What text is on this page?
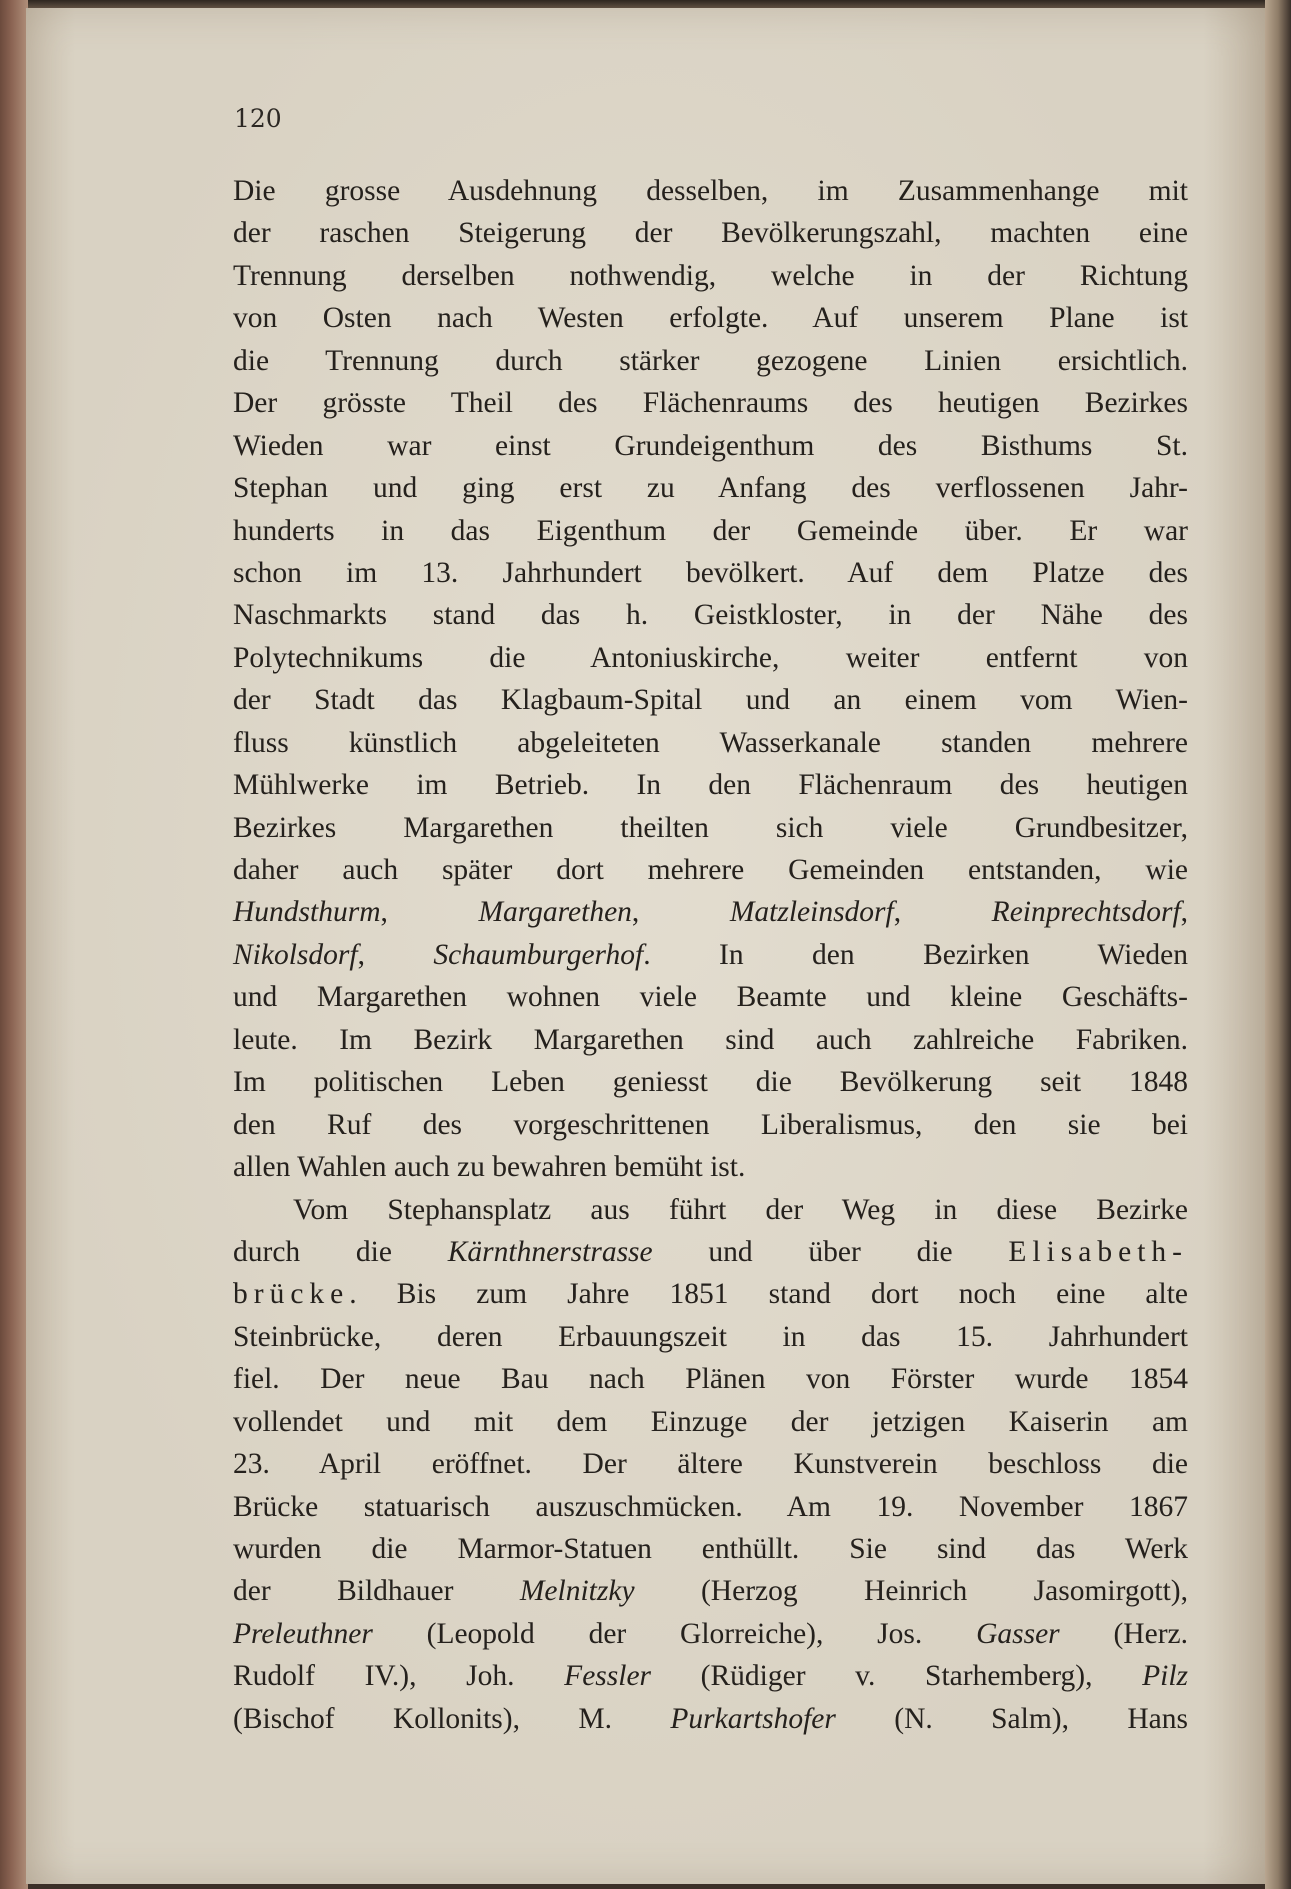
120
Die grosse Ausdehnung desselben, im Zusammenhange mit
der raschen Steigerung der Bevölkerungszahl, machten eine
Trennung derselben nothwendig, welche in der Richtung
von Osten nach Westen erfolgte. Auf unserem Plane ist
die Trennung durch stärker gezogene Linien ersichtlich.
Der grösste Theil des Flächenraums des heutigen Bezirkes
Wieden war einst Grundeigenthum des Bisthums St.
Stephan und ging erst zu Anfang des verflossenen Jahr-
hunderts in das Eigenthum der Gemeinde über. Er war
schon im 13. Jahrhundert bevölkert. Auf dem Platze des
Naschmarkts stand das h. Geistkloster, in der Nähe des
Polytechnikums die Antoniuskirche, weiter entfernt von
der Stadt das Klagbaum-Spital und an einem vom Wien-
fluss künstlich abgeleiteten Wasserkanale standen mehrere
Mühlwerke im Betrieb. In den Flächenraum des heutigen
Bezirkes Margarethen theilten sich viele Grundbesitzer,
daher auch später dort mehrere Gemeinden entstanden, wie
Hundsthurm, Margarethen, Matzleinsdorf, Reinprechtsdorf,
Nikolsdorf, Schaumburgerhof. In den Bezirken Wieden
und Margarethen wohnen viele Beamte und kleine Geschäfts-
leute. Im Bezirk Margarethen sind auch zahlreiche Fabriken.
Im politischen Leben geniesst die Bevölkerung seit 1848
den Ruf des vorgeschrittenen Liberalismus, den sie bei
allen Wahlen auch zu bewahren bemüht ist.
Vom Stephansplatz aus führt der Weg in diese Bezirke
durch die Kärnthnerstrasse und über die Elisabeth-
brücke. Bis zum Jahre 1851 stand dort noch eine alte
Steinbrücke, deren Erbauungszeit in das 15. Jahrhundert
fiel. Der neue Bau nach Plänen von Förster wurde 1854
vollendet und mit dem Einzuge der jetzigen Kaiserin am
23. April eröffnet. Der ältere Kunstverein beschloss die
Brücke statuarisch auszuschmücken. Am 19. November 1867
wurden die Marmor-Statuen enthüllt. Sie sind das Werk
der Bildhauer Melnitzky (Herzog Heinrich Jasomirgott),
Preleuthner (Leopold der Glorreiche), Jos. Gasser (Herz.
Rudolf IV.), Joh. Fessler (Rüdiger v. Starhemberg), Pilz
(Bischof Kollonits), M. Purkartshofer (N. Salm), Hans
